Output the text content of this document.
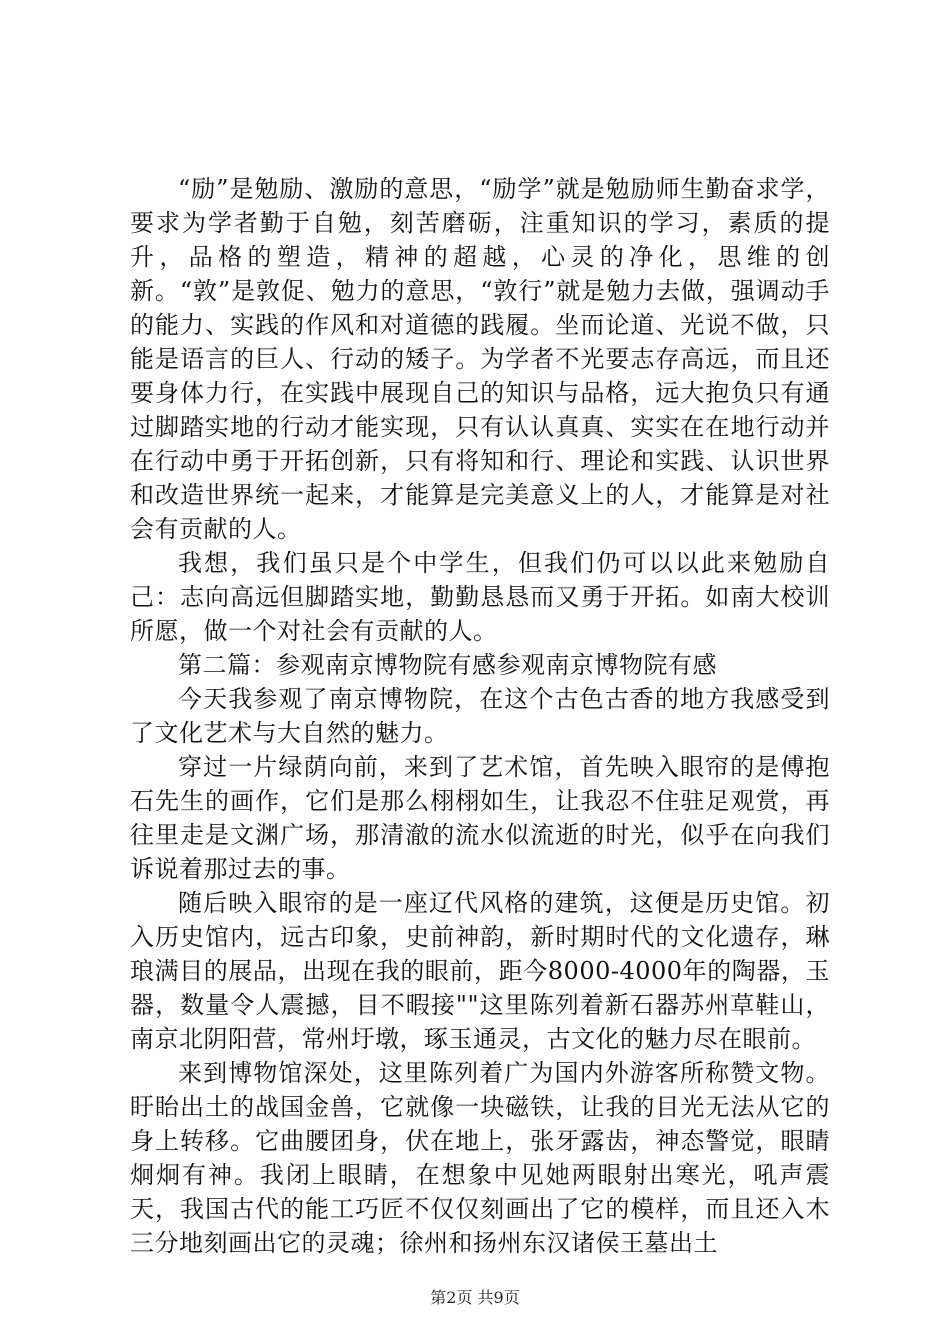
“励”是勉励、激励的意思，“励学”就是勉励师生勤奋求学，要求为学者勤于自勉，刻苦磨砺，注重知识的学习，素质的提升，品格的塑造，精神的超越，心灵的净化，思维的创新。“敦”是敦促、勉力的意思，“敦行”就是勉力去做，强调动手的能力、实践的作风和对道德的践履。坐而论道、光说不做，只能是语言的巨人、行动的矮子。为学者不光要志存高远，而且还要身体力行，在实践中展现自己的知识与品格，远大抱负只有通过脚踏实地的行动才能实现，只有认认真真、实实在在地行动并在行动中勇于开拓创新，只有将知和行、理论和实践、认识世界和改造世界统一起来，才能算是完美意义上的人，才能算是对社会有贡献的人。

我想，我们虽只是个中学生，但我们仍可以以此来勉励自己：志向高远但脚踏实地，勤勤恳恳而又勇于开拓。如南大校训所愿，做一个对社会有贡献的人。

第二篇：参观南京博物院有感参观南京博物院有感

今天我参观了南京博物院，在这个古色古香的地方我感受到了文化艺术与大自然的魅力。

穿过一片绿荫向前，来到了艺术馆，首先映入眼帘的是傅抱石先生的画作，它们是那么栩栩如生，让我忍不住驻足观赏，再往里走是文渊广场，那清澈的流水似流逝的时光，似乎在向我们诉说着那过去的事。

随后映入眼帘的是一座辽代风格的建筑，这便是历史馆。初入历史馆内，远古印象，史前神韵，新时期时代的文化遗存，琳琅满目的展品，出现在我的眼前，距今8000-4000年的陶器，玉器，数量令人震撼，目不暇接""这里陈列着新石器苏州草鞋山，南京北阴阳营，常州圩墩，琢玉通灵，古文化的魅力尽在眼前。

来到博物馆深处，这里陈列着广为国内外游客所称赞文物。盱眙出土的战国金兽，它就像一块磁铁，让我的目光无法从它的身上转移。它曲腰团身，伏在地上，张牙露齿，神态警觉，眼睛炯炯有神。我闭上眼睛，在想象中见她两眼射出寒光，吼声震天，我国古代的能工巧匠不仅仅刻画出了它的模样，而且还入木三分地刻画出它的灵魂；徐州和扬州东汉诸侯王墓出土

第2页 共9页
